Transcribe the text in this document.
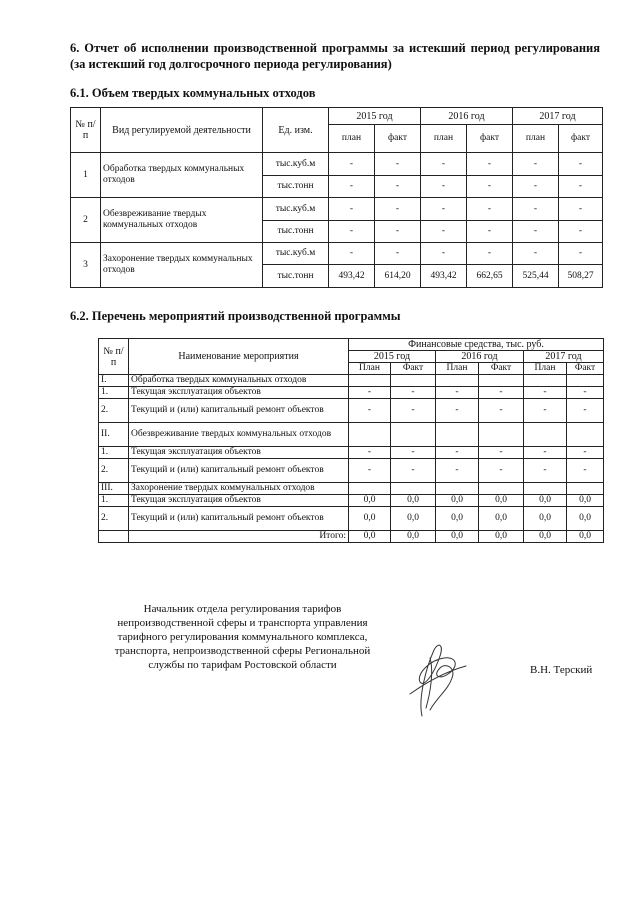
6. Отчет об исполнении производственной программы за истекший период регулирования (за истекший год долгосрочного периода регулирования)
6.1. Объем твердых коммунальных отходов
№ п/п	Вид регулируемой деятельности	Ед. изм.	2015 год		2016 год		2017 год	
			план	факт	план	факт	план	факт
1	Обработка твердых коммунальных отходов	тыс.куб.м	-	-	-	-	-	-
		тыс.тонн	-	-	-	-	-	-
2	Обезвреживание твердых коммунальных отходов	тыс.куб.м	-	-	-	-	-	-
		тыс.тонн	-	-	-	-	-	-
3	Захоронение твердых коммунальных отходов	тыс.куб.м	-	-	-	-	-	-
		тыс.тонн	493,42	614,20	493,42	662,65	525,44	508,27
6.2. Перечень мероприятий производственной программы
№ п/п	Наименование мероприятия	Финансовые средства, тыс. руб.					
		2015 год		2016 год		2017 год	
		План	Факт	План	Факт	План	Факт
I.	Обработка твердых коммунальных отходов						
1.	Текущая эксплуатация объектов	-	-	-	-	-	-
2.	Текущий и (или) капитальный ремонт объектов	-	-	-	-	-	-
II.	Обезвреживание твердых коммунальных отходов						
1.	Текущая эксплуатация объектов	-	-	-	-	-	-
2.	Текущий и (или) капитальный ремонт объектов	-	-	-	-	-	-
III.	Захоронение твердых коммунальных отходов						
1.	Текущая эксплуатация объектов	0,0	0,0	0,0	0,0	0,0	0,0
2.	Текущий и (или) капитальный ремонт объектов	0,0	0,0	0,0	0,0	0,0	0,0
	Итого:	0,0	0,0	0,0	0,0	0,0	0,0
Начальник отдела регулирования тарифов непроизводственной сферы и транспорта управления тарифного регулирования коммунального комплекса, транспорта, непроизводственной сферы Региональной службы по тарифам Ростовской области	В.Н. Терский
